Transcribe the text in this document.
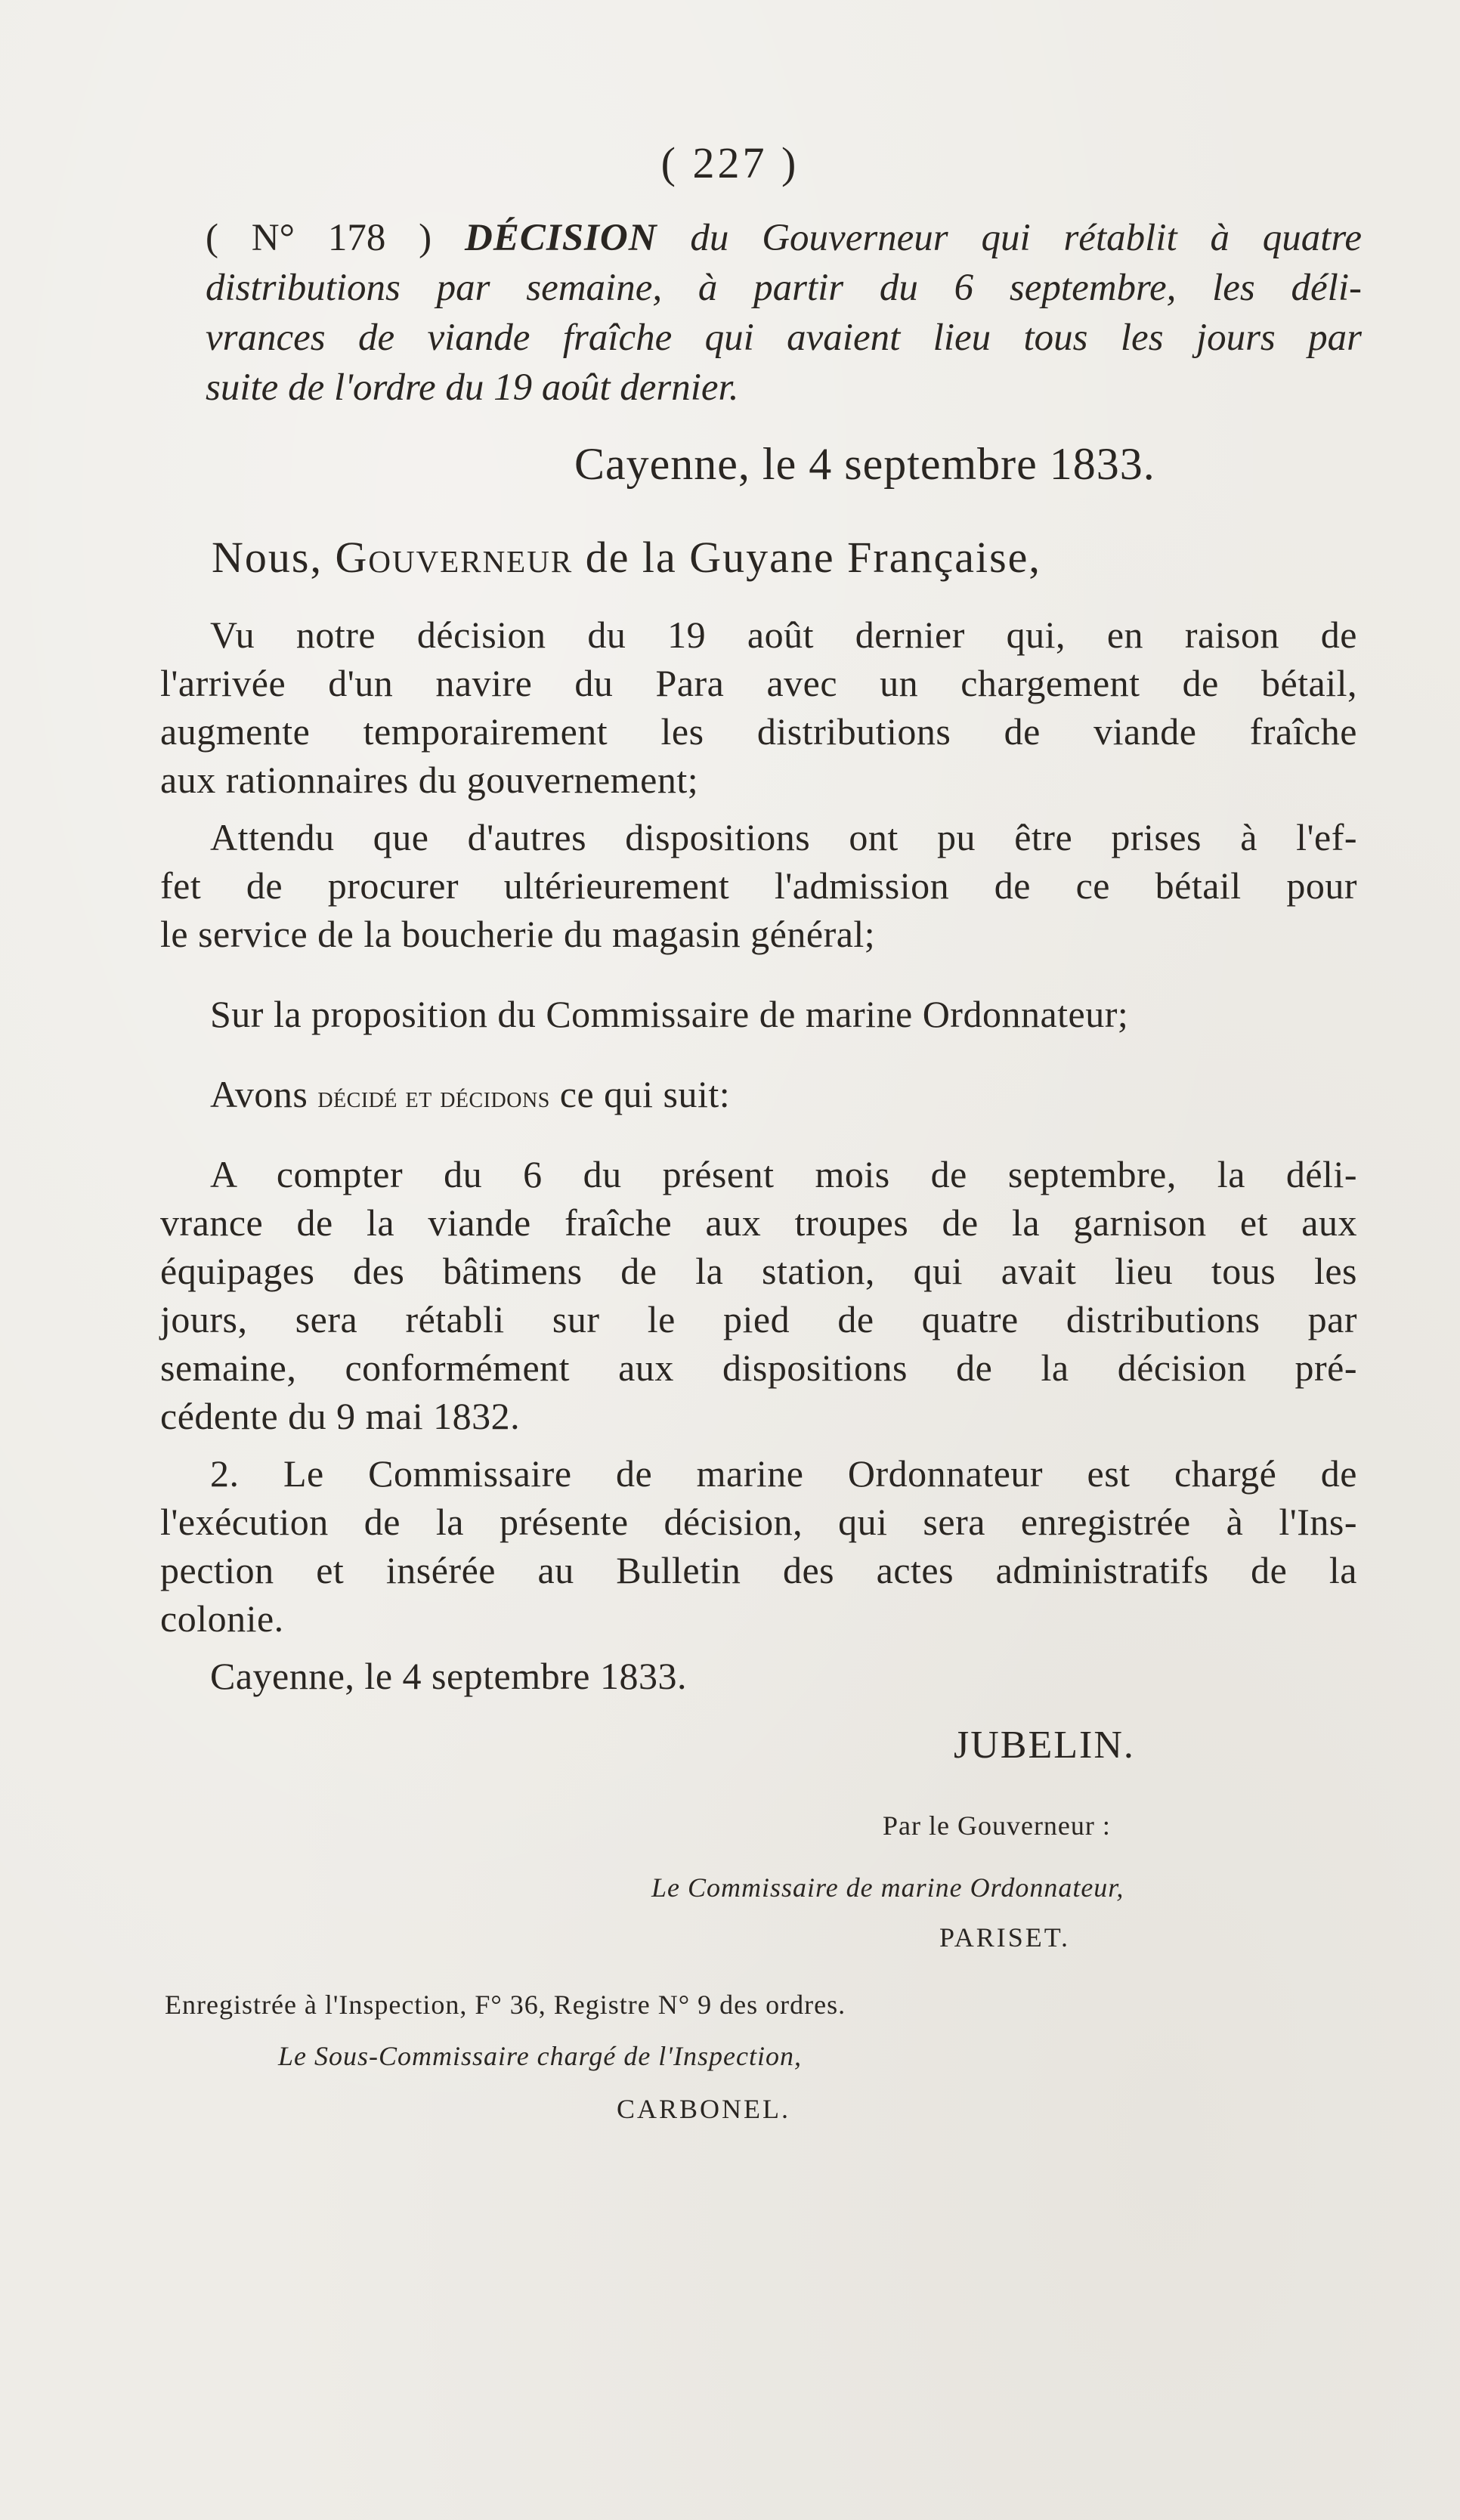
( 227 )
( N° 178 ) DÉCISION du Gouverneur qui rétablit à quatre
distributions par semaine, à partir du 6 septembre, les déli-
vrances de viande fraîche qui avaient lieu tous les jours par
suite de l'ordre du 19 août dernier.
Cayenne, le 4 septembre 1833.
Nous, Gouverneur de la Guyane Française,
Vu notre décision du 19 août dernier qui, en raison de
l'arrivée d'un navire du Para avec un chargement de bétail,
augmente temporairement les distributions de viande fraîche
aux rationnaires du gouvernement;
Attendu que d'autres dispositions ont pu être prises à l'ef-
fet de procurer ultérieurement l'admission de ce bétail pour
le service de la boucherie du magasin général;
Sur la proposition du Commissaire de marine Ordonnateur;
Avons décidé et décidons ce qui suit:
A compter du 6 du présent mois de septembre, la déli-
vrance de la viande fraîche aux troupes de la garnison et aux
équipages des bâtimens de la station, qui avait lieu tous les
jours, sera rétabli sur le pied de quatre distributions par
semaine, conformément aux dispositions de la décision pré-
cédente du 9 mai 1832.
2. Le Commissaire de marine Ordonnateur est chargé de
l'exécution de la présente décision, qui sera enregistrée à l'Ins-
pection et insérée au Bulletin des actes administratifs de la
colonie.
Cayenne, le 4 septembre 1833.
JUBELIN.
Par le Gouverneur :
Le Commissaire de marine Ordonnateur,
PARISET.
Enregistrée à l'Inspection, F° 36, Registre N° 9 des ordres.
Le Sous-Commissaire chargé de l'Inspection,
CARBONEL.
